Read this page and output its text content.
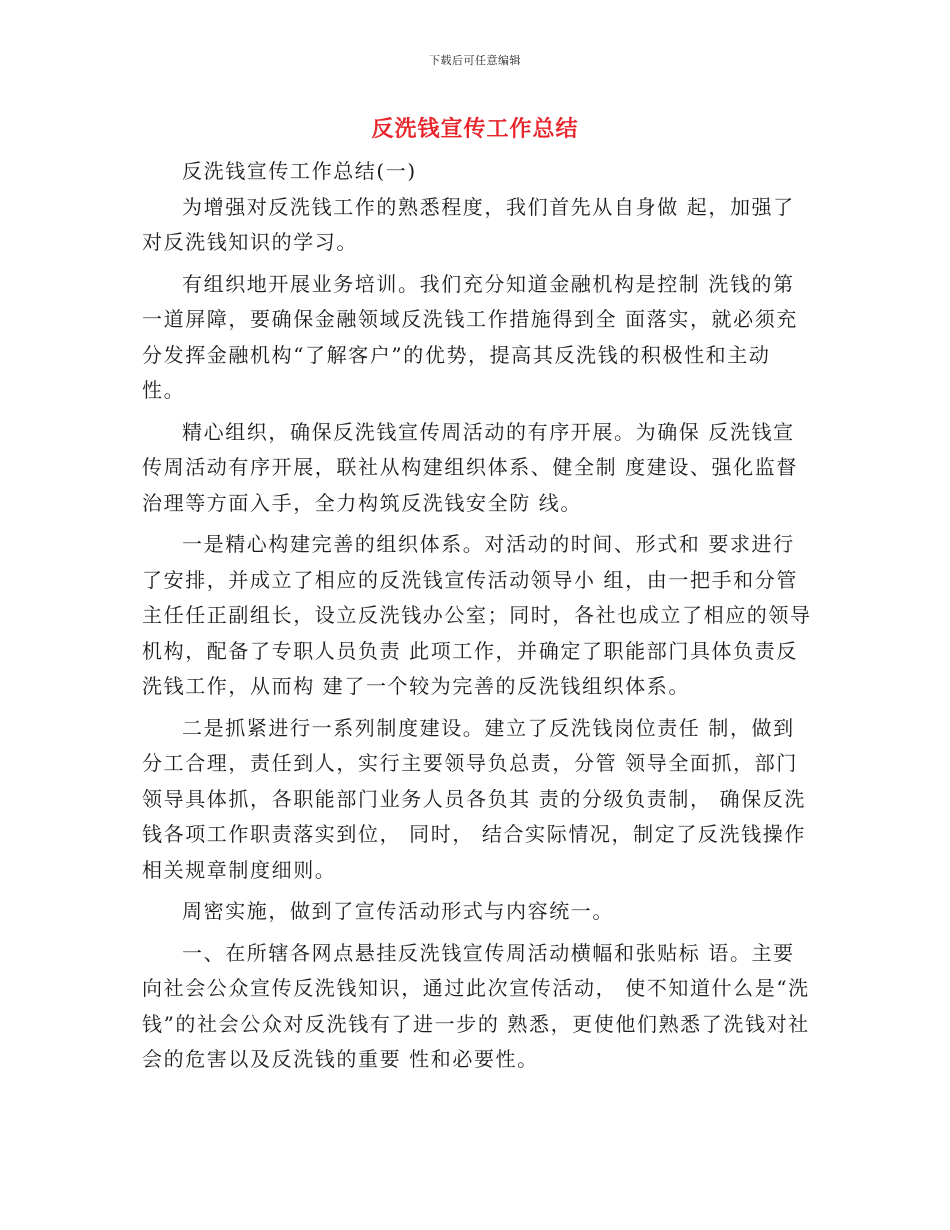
下载后可任意编辑
反洗钱宣传工作总结

反洗钱宣传工作总结(一)

为增强对反洗钱工作的熟悉程度，我们首先从自身做 起，加强了对反洗钱知识的学习。

有组织地开展业务培训。我们充分知道金融机构是控制 洗钱的第一道屏障，要确保金融领域反洗钱工作措施得到全 面落实，就必须充分发挥金融机构“了解客户”的优势，提高其反洗钱的积极性和主动性。

精心组织，确保反洗钱宣传周活动的有序开展。为确保 反洗钱宣传周活动有序开展，联社从构建组织体系、健全制 度建设、强化监督治理等方面入手，全力构筑反洗钱安全防 线。

一是精心构建完善的组织体系。对活动的时间、形式和 要求进行了安排，并成立了相应的反洗钱宣传活动领导小 组，由一把手和分管主任任正副组长，设立反洗钱办公室；同时，各社也成立了相应的领导机构，配备了专职人员负责 此项工作，并确定了职能部门具体负责反洗钱工作，从而构 建了一个较为完善的反洗钱组织体系。

二是抓紧进行一系列制度建设。建立了反洗钱岗位责任 制，做到分工合理，责任到人，实行主要领导负总责，分管 领导全面抓，部门领导具体抓，各职能部门业务人员各负其 责的分级负责制， 确保反洗钱各项工作职责落实到位， 同时， 结合实际情况，制定了反洗钱操作相关规章制度细则。

周密实施，做到了宣传活动形式与内容统一。

一、在所辖各网点悬挂反洗钱宣传周活动横幅和张贴标 语。主要向社会公众宣传反洗钱知识，通过此次宣传活动， 使不知道什么是“洗钱”的社会公众对反洗钱有了进一步的 熟悉，更使他们熟悉了洗钱对社会的危害以及反洗钱的重要 性和必要性。
